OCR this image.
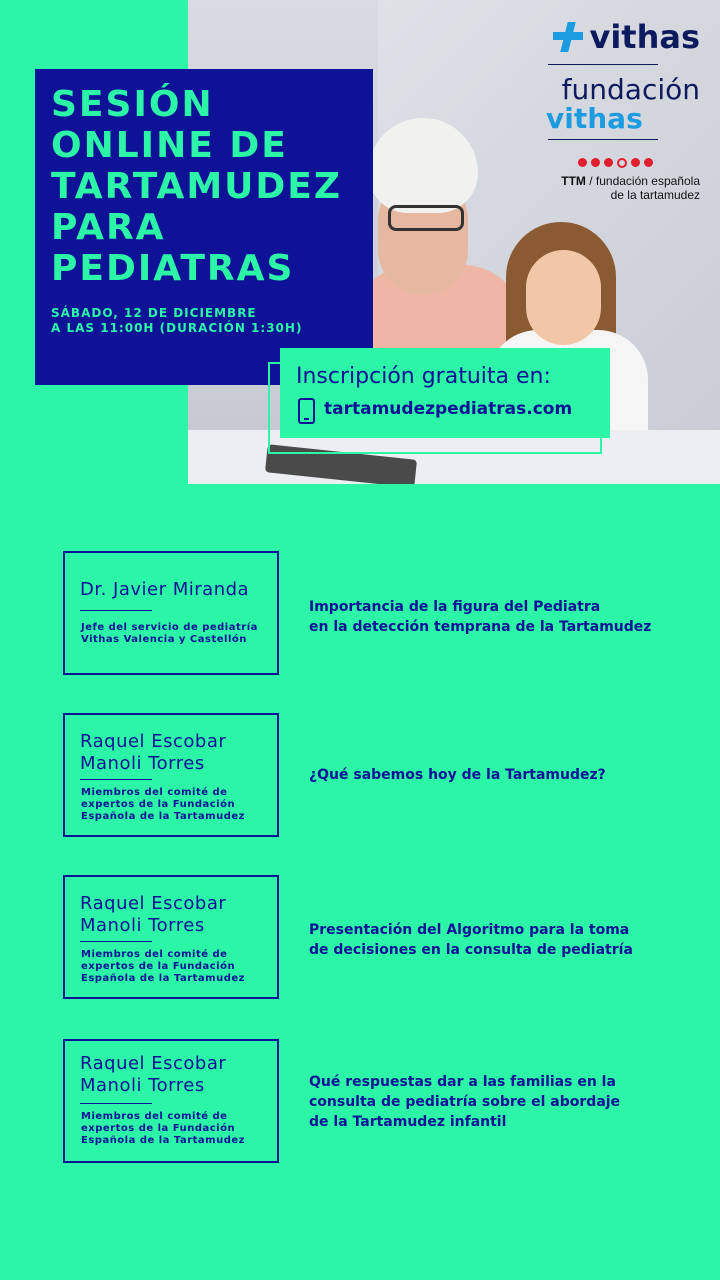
vithas
fundación
vithas
TTM / fundación española
de la tartamudez
SESIÓN
ONLINE DE
TARTAMUDEZ
PARA
PEDIATRAS
SÁBADO, 12 DE DICIEMBRE
A LAS 11:00H (DURACIÓN 1:30H)
Inscripción gratuita en:
tartamudezpediatras.com
Dr. Javier Miranda
Jefe del servicio de pediatría
Vithas Valencia y Castellón
Importancia de la figura del Pediatra
en la detección temprana de la Tartamudez
Raquel Escobar
Manoli Torres
Miembros del comité de
expertos de la Fundación
Española de la Tartamudez
¿Qué sabemos hoy de la Tartamudez?
Raquel Escobar
Manoli Torres
Miembros del comité de
expertos de la Fundación
Española de la Tartamudez
Presentación del Algoritmo para la toma
de decisiones en la consulta de pediatría
Raquel Escobar
Manoli Torres
Miembros del comité de
expertos de la Fundación
Española de la Tartamudez
Qué respuestas dar a las familias en la
consulta de pediatría sobre el abordaje
de la Tartamudez infantil
